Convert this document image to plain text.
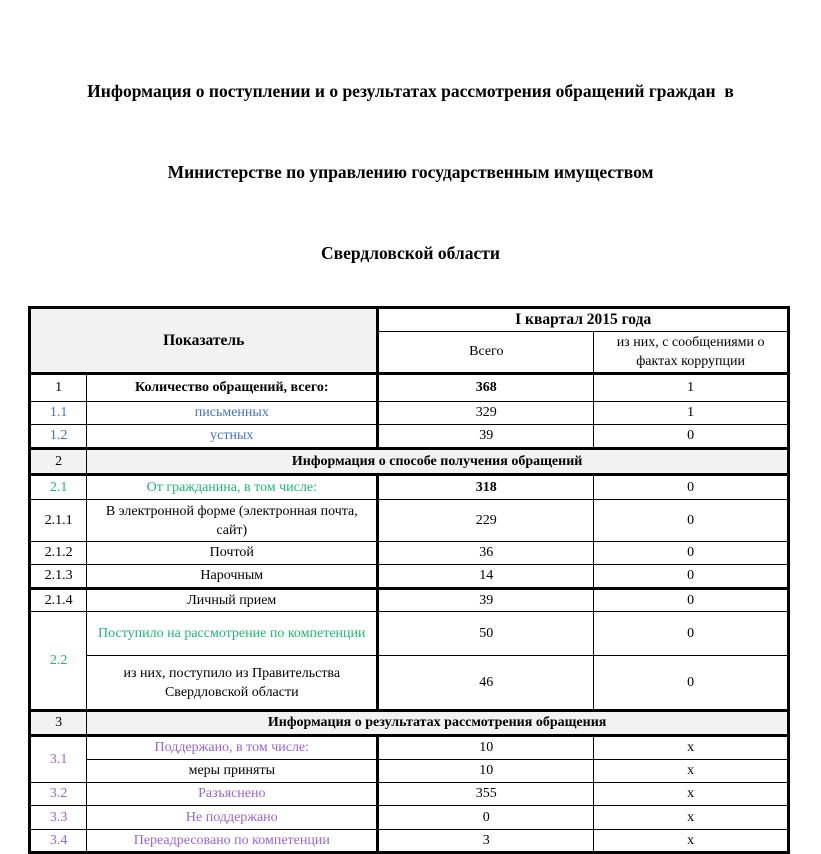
Информация о поступлении и о результатах рассмотрения обращений граждан  в

Министерстве по управлению государственным имуществом

Свердловской области

Показатель		I квартал 2015 года	
		Всего	из них, с сообщениями о фактах коррупции
1	Количество обращений, всего:	368	1
1.1	письменных	329	1
1.2	устных	39	0
2	Информация о способе получения обращений		
2.1	От гражданина, в том числе:	318	0
2.1.1	В электронной форме (электронная почта, сайт)	229	0
2.1.2	Почтой	36	0
2.1.3	Нарочным	14	0
2.1.4	Личный прием	39	0
2.2	Поступило на рассмотрение по компетенции	50	0
	из них, поступило из Правительства Свердловской области	46	0
3	Информация о результатах рассмотрения обращения		
3.1	Поддержано, в том числе:	10	x
	меры приняты	10	x
3.2	Разъяснено	355	x
3.3	Не поддержано	0	x
3.4	Переадресовано по компетенции	3	x
